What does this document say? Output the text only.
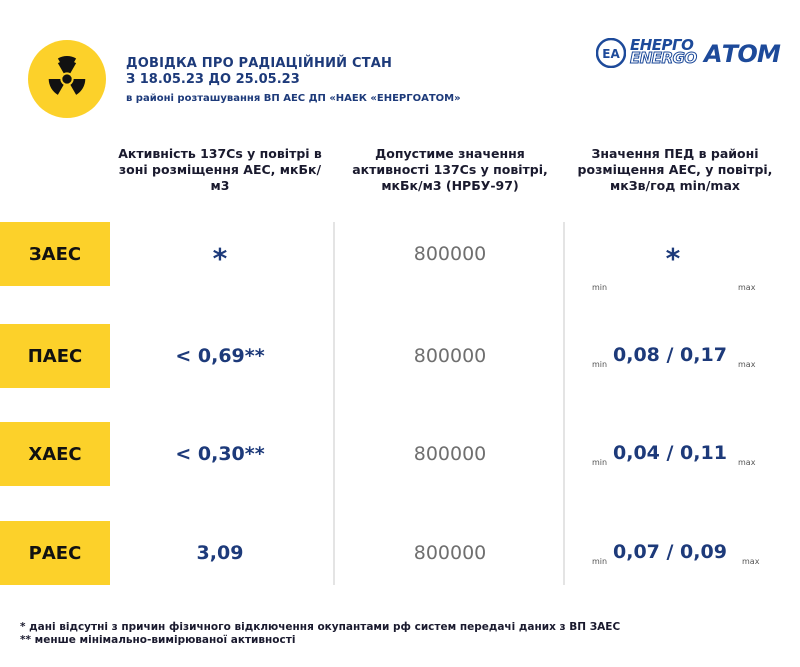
ДОВІДКА ПРО РАДІАЦІЙНИЙ СТАН
З 18.05.23 ДО 25.05.23
в районі розташування ВП АЕС ДП «НАЕК «ЕНЕРГОАТОМ»
EA ЕНЕРГО
ENERGO АТОМ
Активність 137Cs у повітрі в зоні розміщення АЕС, мкБк/м3
Допустиме значення активності 137Cs у повітрі, мкБк/м3 (НРБУ-97)
Значення ПЕД в районі розміщення АЕС, у повітрі, мкЗв/год min/max
ЗАЕС	*	800000	*
min	max
ПАЕС	< 0,69**	800000	min 0,08 / 0,17 max
ХАЕС	< 0,30**	800000	min 0,04 / 0,11 max
РАЕС	3,09	800000	min 0,07 / 0,09 max
* дані відсутні з причин фізичного відключення окупантами рф систем передачі даних з ВП ЗАЕС
** менше мінімально-вимірюваної активності
